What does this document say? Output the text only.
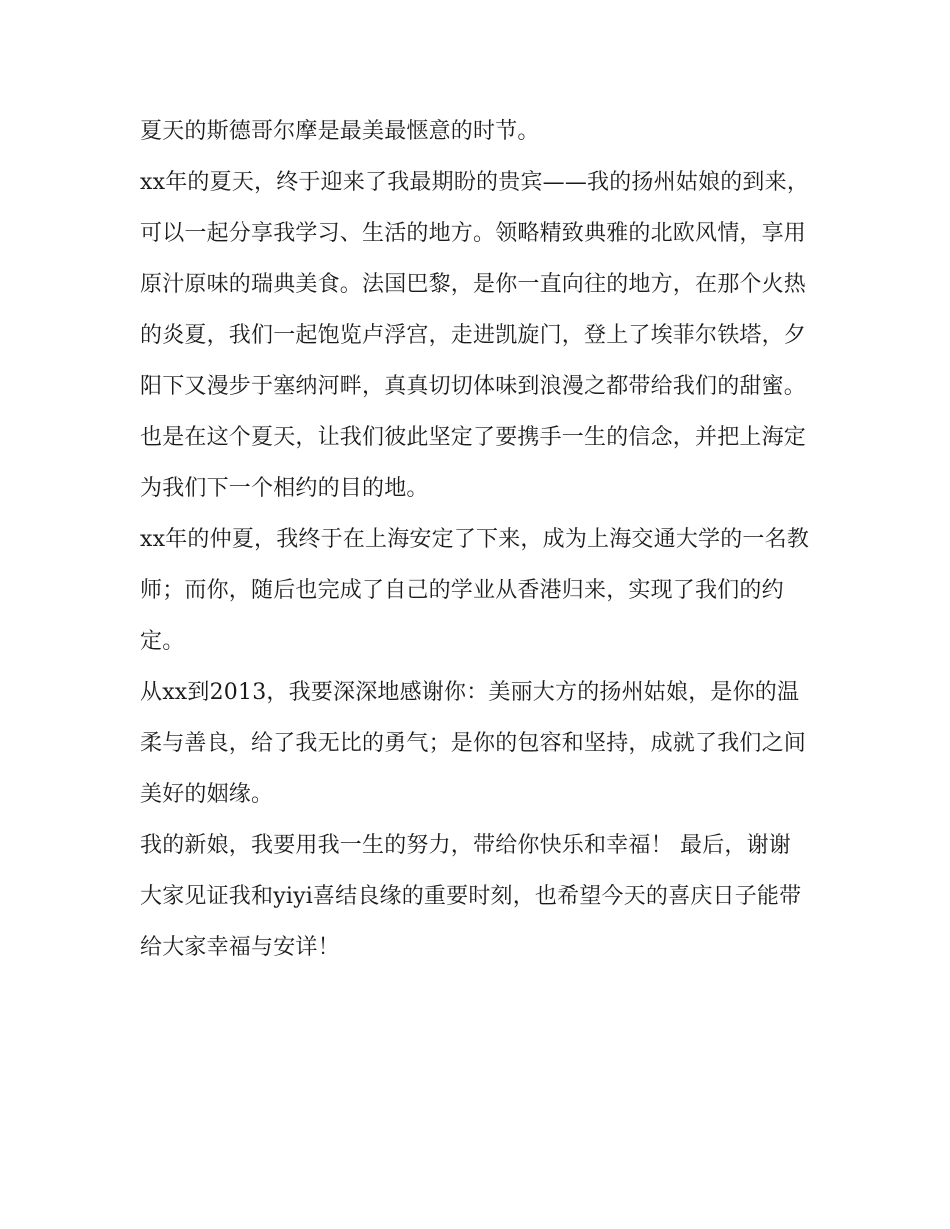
夏天的斯德哥尔摩是最美最惬意的时节。

xx年的夏天，终于迎来了我最期盼的贵宾——我的扬州姑娘的到来，可以一起分享我学习、生活的地方。领略精致典雅的北欧风情，享用原汁原味的瑞典美食。法国巴黎，是你一直向往的地方，在那个火热的炎夏，我们一起饱览卢浮宫，走进凯旋门，登上了埃菲尔铁塔，夕阳下又漫步于塞纳河畔，真真切切体味到浪漫之都带给我们的甜蜜。也是在这个夏天，让我们彼此坚定了要携手一生的信念，并把上海定为我们下一个相约的目的地。

xx年的仲夏，我终于在上海安定了下来，成为上海交通大学的一名教师；而你，随后也完成了自己的学业从香港归来，实现了我们的约定。

从xx到2013，我要深深地感谢你：美丽大方的扬州姑娘，是你的温柔与善良，给了我无比的勇气；是你的包容和坚持，成就了我们之间美好的姻缘。

我的新娘，我要用我一生的努力，带给你快乐和幸福！ 最后，谢谢大家见证我和yiyi喜结良缘的重要时刻，也希望今天的喜庆日子能带给大家幸福与安详！
